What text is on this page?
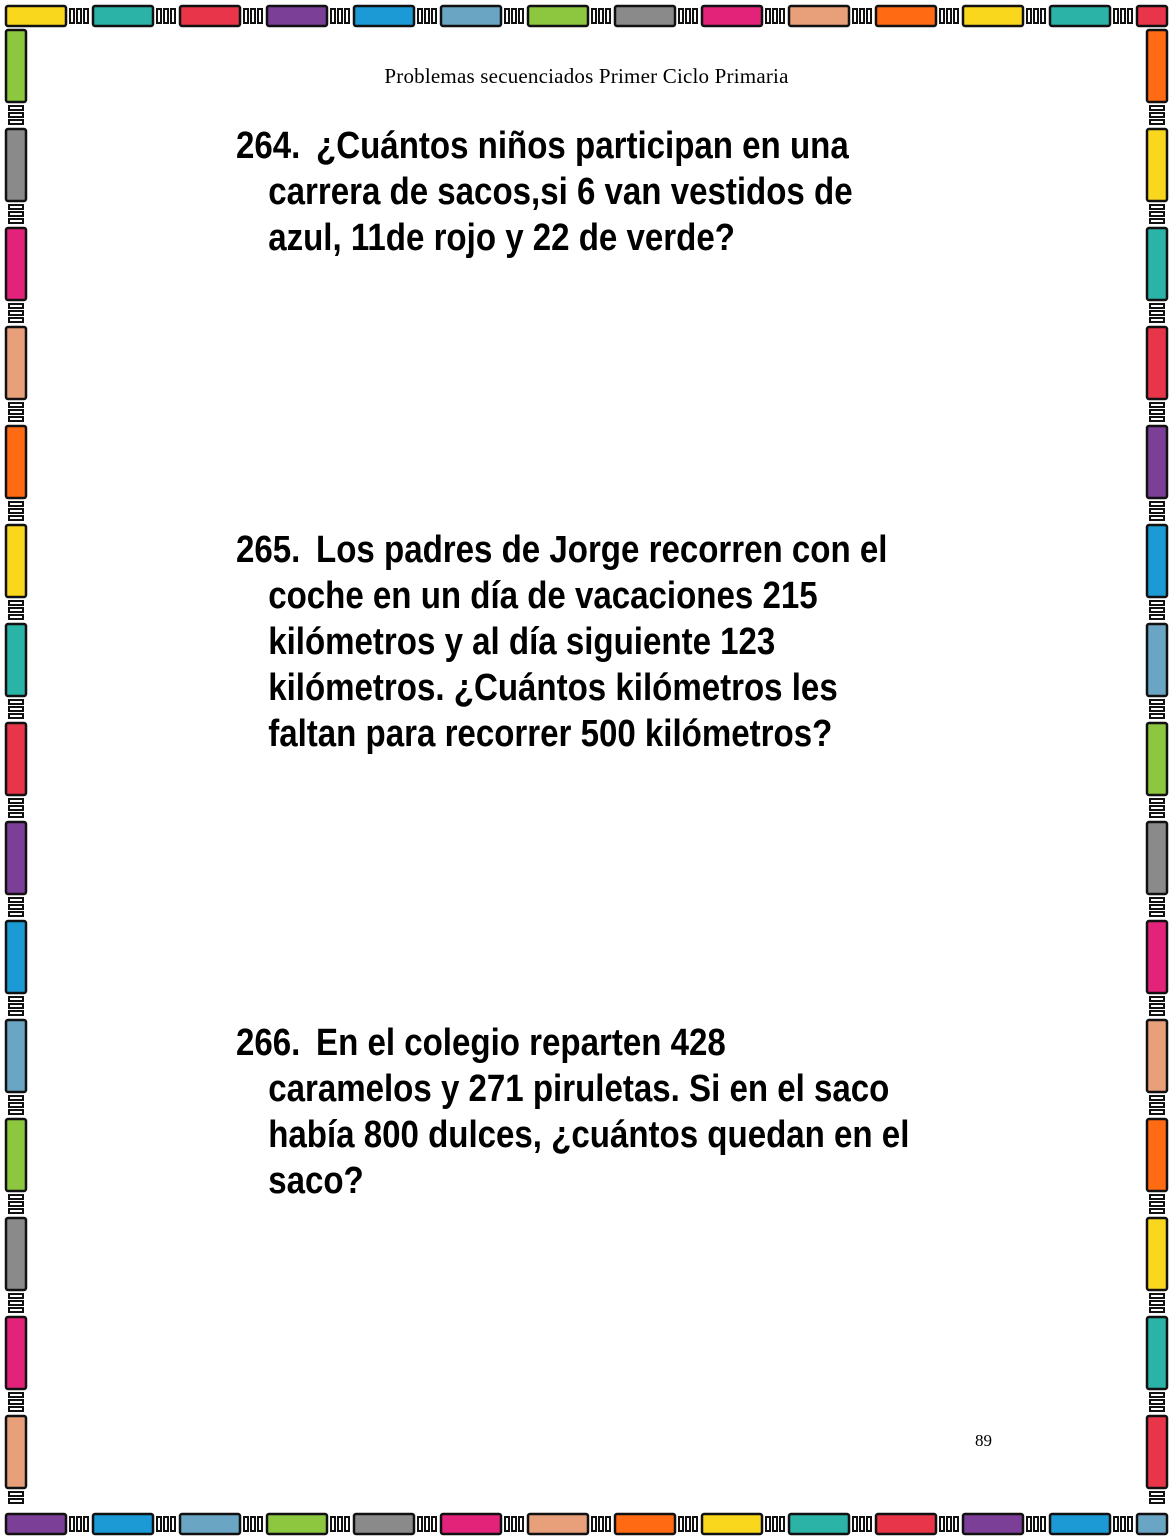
Problemas secuenciados Primer Ciclo Primaria
264. ¿Cuántos niños participan en una
carrera de sacos,si 6 van vestidos de
azul, 11de rojo y 22 de verde?
265. Los padres de Jorge recorren con el
coche en un día de vacaciones 215
kilómetros y al día siguiente 123
kilómetros. ¿Cuántos kilómetros les
faltan para recorrer 500 kilómetros?
266. En el colegio reparten 428
caramelos y 271 piruletas. Si en el saco
había 800 dulces, ¿cuántos quedan en el
saco?
89
